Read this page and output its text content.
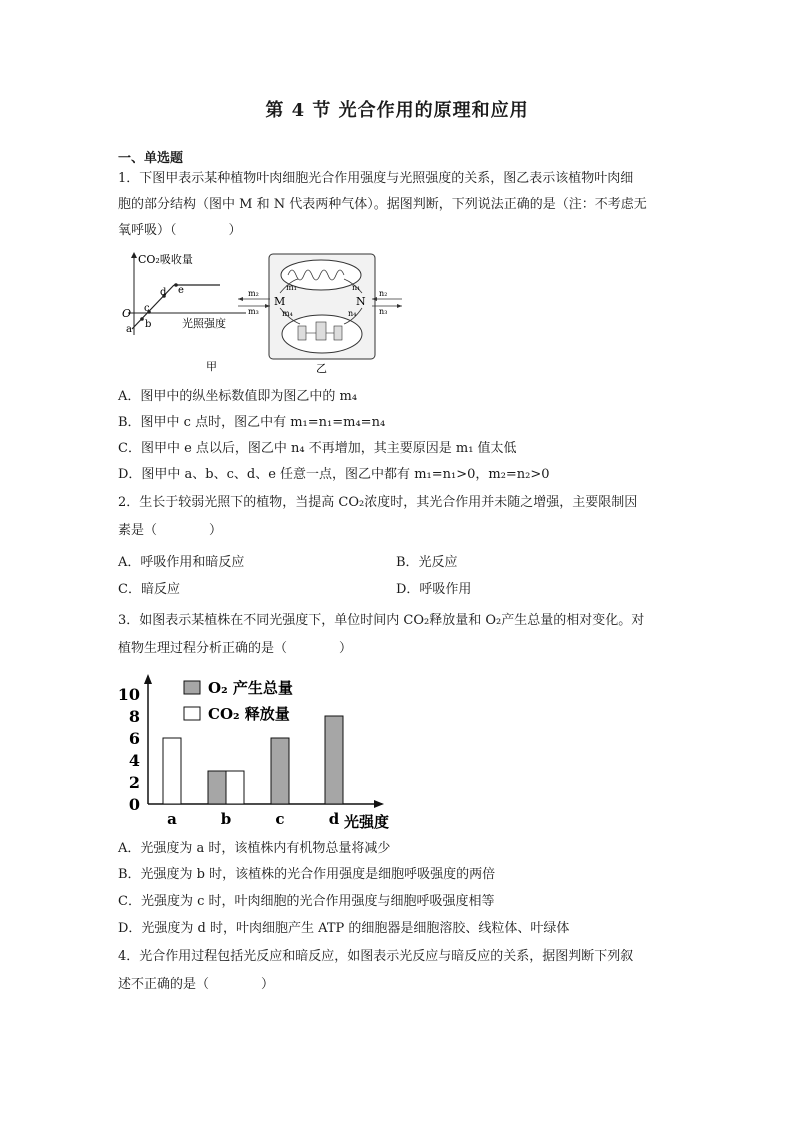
第 4 节 光合作用的原理和应用
一、单选题
1．下图甲表示某种植物叶肉细胞光合作用强度与光照强度的关系，图乙表示该植物叶肉细
胞的部分结构（图中 M 和 N 代表两种气体）。据图判断，下列说法正确的是（注：不考虑无
氧呼吸）（　　　　）
CO₂吸收量
O
a b
c
d e
光照强度
甲
M	N
m₂
m₃
m₁
m₄
n₂
n₃
n₁
n₄
乙
A．图甲中的纵坐标数值即为图乙中的 m₄
B．图甲中 c 点时，图乙中有 m₁=n₁=m₄=n₄
C．图甲中 e 点以后，图乙中 n₄ 不再增加，其主要原因是 m₁ 值太低
D．图甲中 a、b、c、d、e 任意一点，图乙中都有 m₁=n₁>0，m₂=n₂>0
2．生长于较弱光照下的植物，当提高 CO₂浓度时，其光合作用并未随之增强，主要限制因
素是（　　　　）
A．呼吸作用和暗反应	B．光反应
C．暗反应	D．呼吸作用
3．如图表示某植株在不同光强度下，单位时间内 CO₂释放量和 O₂产生总量的相对变化。对
植物生理过程分析正确的是（　　　　）
10
8
6
4
2
0
a	b	c	d
O₂ 产生总量
CO₂ 释放量
光强度
A．光强度为 a 时，该植株内有机物总量将减少
B．光强度为 b 时，该植株的光合作用强度是细胞呼吸强度的两倍
C．光强度为 c 时，叶肉细胞的光合作用强度与细胞呼吸强度相等
D．光强度为 d 时，叶肉细胞产生 ATP 的细胞器是细胞溶胶、线粒体、叶绿体
4．光合作用过程包括光反应和暗反应，如图表示光反应与暗反应的关系，据图判断下列叙
述不正确的是（　　　　）
